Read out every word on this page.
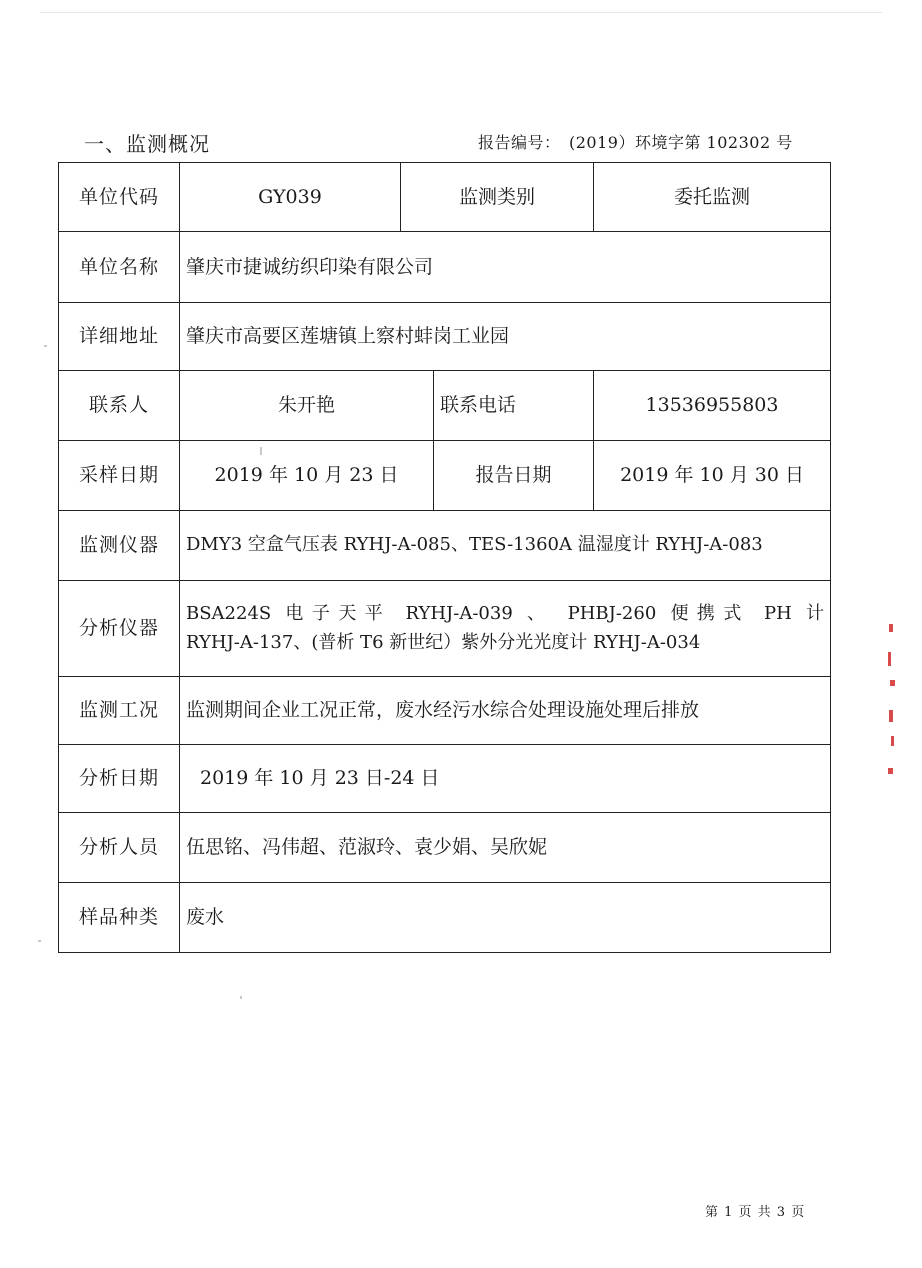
一、监测概况	报告编号：　(2019）环境字第 102302 号
单位代码	GY039	监测类别		委托监测
单位名称	肇庆市捷诚纺织印染有限公司			
详细地址	肇庆市高要区莲塘镇上察村蚌岗工业园			
联系人	朱开艳		联系电话	13536955803
采样日期	2019 年 10 月 23 日		报告日期	2019 年 10 月 30 日
监测仪器	DMY3 空盒气压表 RYHJ-A-085、TES-1360A 温湿度计 RYHJ-A-083			
分析仪器	BSA224S 电子天平 RYHJ-A-039 、 PHBJ-260 便携式 PH 计
RYHJ-A-137、(普析 T6 新世纪）紫外分光光度计 RYHJ-A-034			

监测工况	监测期间企业工况正常，废水经污水综合处理设施处理后排放			
分析日期	2019 年 10 月 23 日-24 日			
分析人员	伍思铭、冯伟超、范淑玲、袁少娟、吴欣妮			
样品种类	废水			
第 1 页 共 3 页
